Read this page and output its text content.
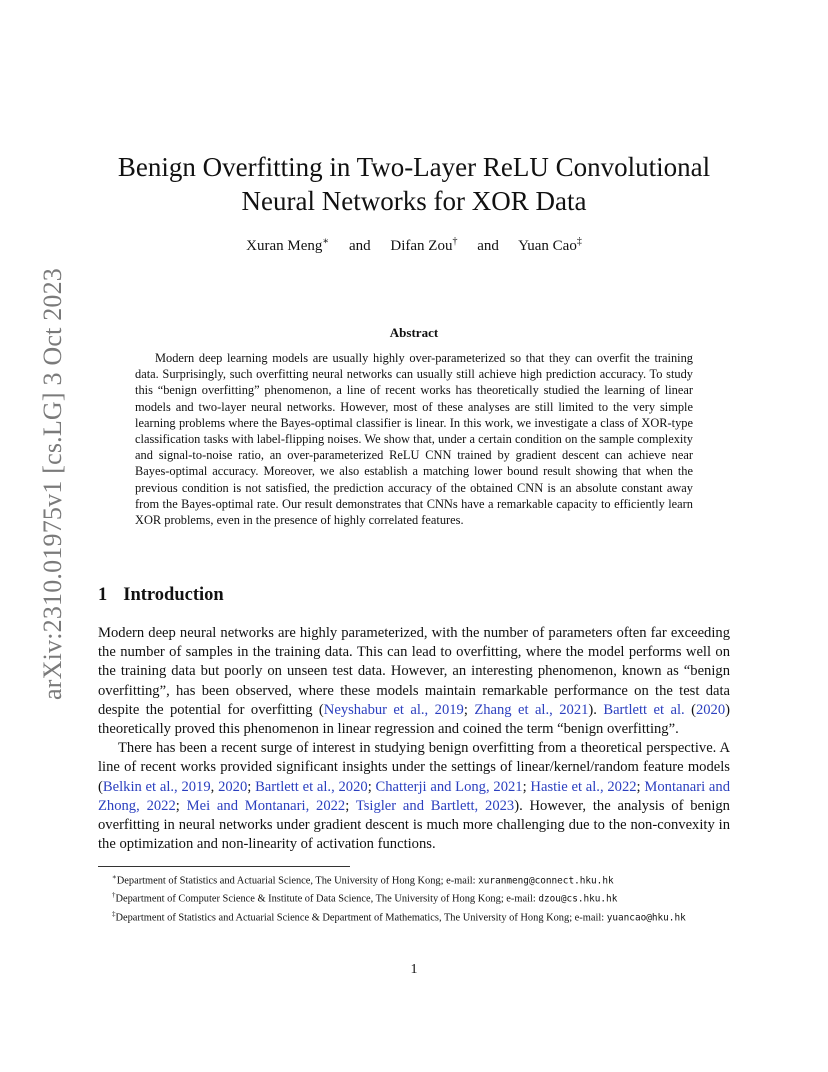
arXiv:2310.01975v1 [cs.LG] 3 Oct 2023
Benign Overfitting in Two-Layer ReLU Convolutional
Neural Networks for XOR Data
Xuran Meng∗ and Difan Zou† and Yuan Cao‡
Abstract
Modern deep learning models are usually highly over-parameterized so that they can overfit the training data. Surprisingly, such overfitting neural networks can usually still achieve high prediction accuracy. To study this “benign overfitting” phenomenon, a line of recent works has theoretically studied the learning of linear models and two-layer neural networks. However, most of these analyses are still limited to the very simple learning problems where the Bayes-optimal classifier is linear. In this work, we investigate a class of XOR-type classification tasks with label-flipping noises. We show that, under a certain condition on the sample complexity and signal-to-noise ratio, an over-parameterized ReLU CNN trained by gradient descent can achieve near Bayes-optimal accuracy. Moreover, we also establish a matching lower bound result showing that when the previous condition is not satisfied, the prediction accuracy of the obtained CNN is an absolute constant away from the Bayes-optimal rate. Our result demonstrates that CNNs have a remarkable capacity to efficiently learn XOR problems, even in the presence of highly correlated features.
1 Introduction

Modern deep neural networks are highly parameterized, with the number of parameters often far exceeding the number of samples in the training data. This can lead to overfitting, where the model performs well on the training data but poorly on unseen test data. However, an interesting phenomenon, known as “benign overfitting”, has been observed, where these models maintain remarkable performance on the test data despite the potential for overfitting (Neyshabur et al., 2019; Zhang et al., 2021). Bartlett et al. (2020) theoretically proved this phenomenon in linear regression and coined the term “benign overfitting”.

There has been a recent surge of interest in studying benign overfitting from a theoretical perspective. A line of recent works provided significant insights under the settings of linear/kernel/random feature models (Belkin et al., 2019, 2020; Bartlett et al., 2020; Chatterji and Long, 2021; Hastie et al., 2022; Montanari and Zhong, 2022; Mei and Montanari, 2022; Tsigler and Bartlett, 2023). However, the analysis of benign overfitting in neural networks under gradient descent is much more challenging due to the non-convexity in the optimization and non-linearity of activation functions.

∗Department of Statistics and Actuarial Science, The University of Hong Kong; e-mail: xuranmeng@connect.hku.hk

†Department of Computer Science & Institute of Data Science, The University of Hong Kong; e-mail: dzou@cs.hku.hk

‡Department of Statistics and Actuarial Science & Department of Mathematics, The University of Hong Kong; e-mail: yuancao@hku.hk

1
